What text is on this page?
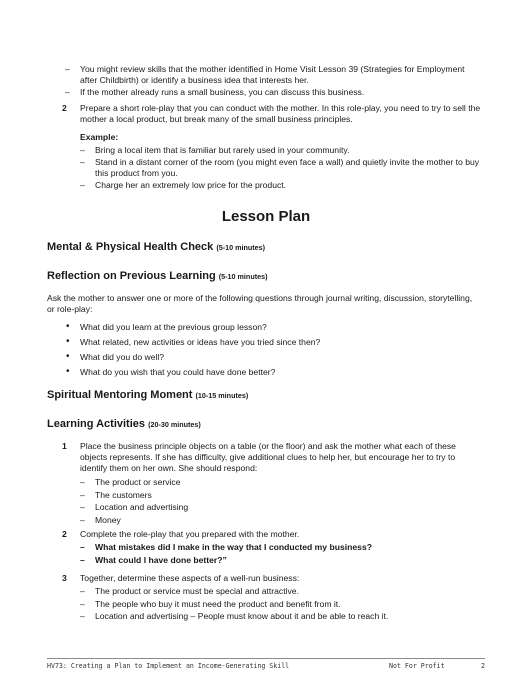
– You might review skills that the mother identified in Home Visit Lesson 39 (Strategies for Employment after Childbirth) or identify a business idea that interests her.
– If the mother already runs a small business, you can discuss this business.
2 Prepare a short role-play that you can conduct with the mother. In this role-play, you need to try to sell the mother a local product, but break many of the small business principles.
Example:
– Bring a local item that is familiar but rarely used in your community.
– Stand in a distant corner of the room (you might even face a wall) and quietly invite the mother to buy this product from you.
– Charge her an extremely low price for the product.
Lesson Plan
Mental & Physical Health Check (5-10 minutes)
Reflection on Previous Learning (5-10 minutes)
Ask the mother to answer one or more of the following questions through journal writing, discussion, storytelling, or role-play:
• What did you learn at the previous group lesson?
• What related, new activities or ideas have you tried since then?
• What did you do well?
• What do you wish that you could have done better?
Spiritual Mentoring Moment (10-15 minutes)
Learning Activities (20-30 minutes)
1 Place the business principle objects on a table (or the floor) and ask the mother what each of these objects represents. If she has difficulty, give additional clues to help her, but encourage her to try to identify them on her own. She should respond:
– The product or service
– The customers
– Location and advertising
– Money
2 Complete the role-play that you prepared with the mother.
– What mistakes did I make in the way that I conducted my business?
– What could I have done better?”
3 Together, determine these aspects of a well-run business:
– The product or service must be special and attractive.
– The people who buy it must need the product and benefit from it.
– Location and advertising – People must know about it and be able to reach it.
HV73: Creating a Plan to Implement an Income-Generating Skill	Not For Profit	2
